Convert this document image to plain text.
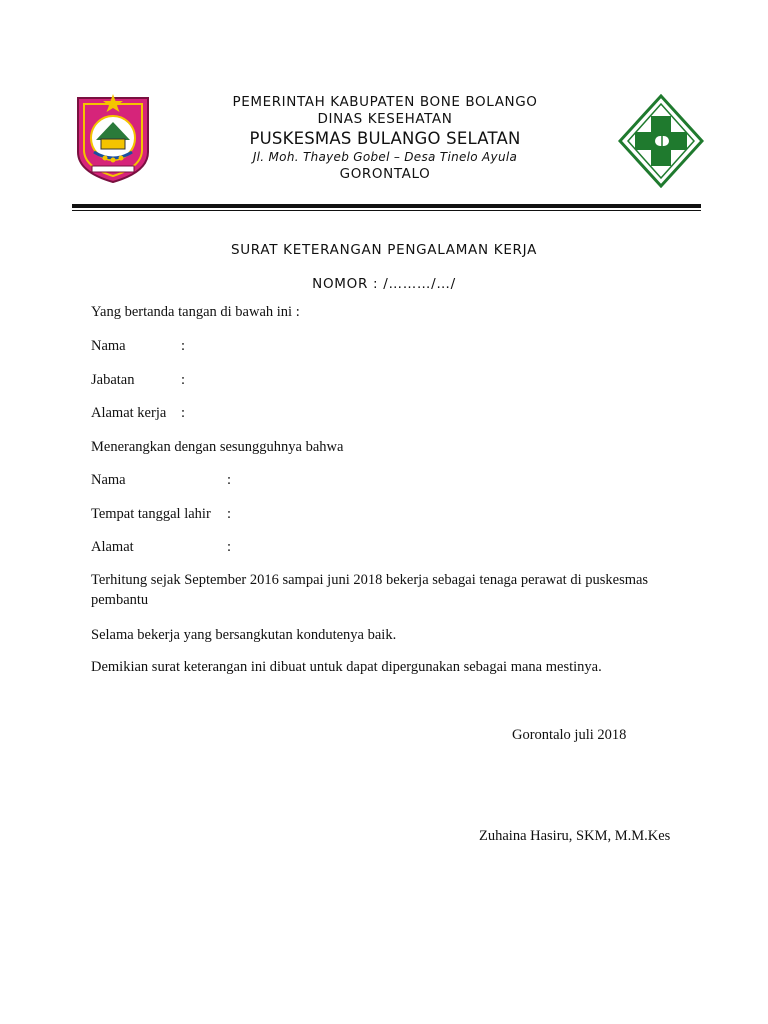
PEMERINTAH KABUPATEN BONE BOLANGO
DINAS KESEHATAN
PUSKESMAS BULANGO SELATAN
Jl. Moh. Thayeb Gobel – Desa Tinelo Ayula
GORONTALO
SURAT KETERANGAN PENGALAMAN KERJA
NOMOR : /………/…/
Yang bertanda tangan di bawah ini :
Nama	:
Jabatan	:
Alamat kerja :
Menerangkan dengan sesungguhnya bahwa
Nama	:
Tempat tanggal lahir :
Alamat	:
Terhitung sejak September 2016 sampai juni 2018 bekerja sebagai tenaga perawat di puskesmas pembantu
Selama bekerja yang bersangkutan kondutenya baik.
Demikian surat keterangan ini dibuat untuk dapat dipergunakan sebagai mana mestinya.
Gorontalo juli 2018
Zuhaina Hasiru, SKM, M.M.Kes
